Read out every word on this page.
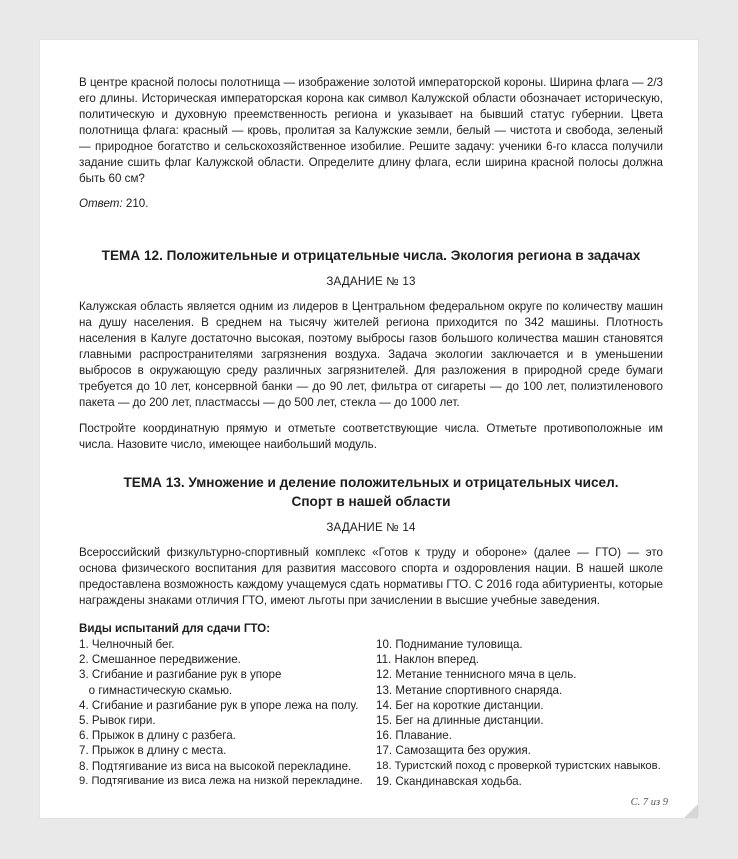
В центре красной полосы полотнища — изображение золотой императорской короны. Ширина флага — 2/3 его длины. Историческая императорская корона как символ Калужской области обозначает историческую, политическую и духовную преемственность региона и указывает на бывший статус губернии. Цвета полотнища флага: красный — кровь, пролитая за Калужские земли, белый — чистота и свобода, зеленый — природное богатство и сельскохозяйственное изобилие. Решите задачу: ученики 6-го класса получили задание сшить флаг Калужской области. Определите длину флага, если ширина красной полосы должна быть 60 см?

Ответ: 210.

ТЕМА 12. Положительные и отрицательные числа. Экология региона в задачах

ЗАДАНИЕ № 13

Калужская область является одним из лидеров в Центральном федеральном округе по количеству машин на душу населения. В среднем на тысячу жителей региона приходится по 342 машины. Плотность населения в Калуге достаточно высокая, поэтому выбросы газов большого количества машин становятся главными распространителями загрязнения воздуха. Задача экологии заключается и в уменьшении выбросов в окружающую среду различных загрязнителей. Для разложения в природной среде бумаги требуется до 10 лет, консервной банки — до 90 лет, фильтра от сигареты — до 100 лет, полиэтиленового пакета — до 200 лет, пластмассы — до 500 лет, стекла — до 1000 лет.

Постройте координатную прямую и отметьте соответствующие числа. Отметьте противоположные им числа. Назовите число, имеющее наибольший модуль.

ТЕМА 13. Умножение и деление положительных и отрицательных чисел.
Спорт в нашей области

ЗАДАНИЕ № 14

Всероссийский физкультурно-спортивный комплекс «Готов к труду и обороне» (далее — ГТО) — это основа физического воспитания для развития массового спорта и оздоровления нации. В нашей школе предоставлена возможность каждому учащемуся сдать нормативы ГТО. С 2016 года абитуриенты, которые награждены знаками отличия ГТО, имеют льготы при зачислении в высшие учебные заведения.

Виды испытаний для сдачи ГТО:

1. Челночный бег.
2. Смешанное передвижение.
3. Сгибание и разгибание рук в упоре
о гимнастическую скамью.
4. Сгибание и разгибание рук в упоре лежа на полу.
5. Рывок гири.
6. Прыжок в длину с разбега.
7. Прыжок в длину с места.
8. Подтягивание из виса на высокой перекладине.
9. Подтягивание из виса лежа на низкой перекладине.
10. Поднимание туловища.
11. Наклон вперед.
12. Метание теннисного мяча в цель.
13. Метание спортивного снаряда.
14. Бег на короткие дистанции.
15. Бег на длинные дистанции.
16. Плавание.
17. Самозащита без оружия.
18. Туристский поход с проверкой туристских навыков.
19. Скандинавская ходьба.
С. 7 из 9
